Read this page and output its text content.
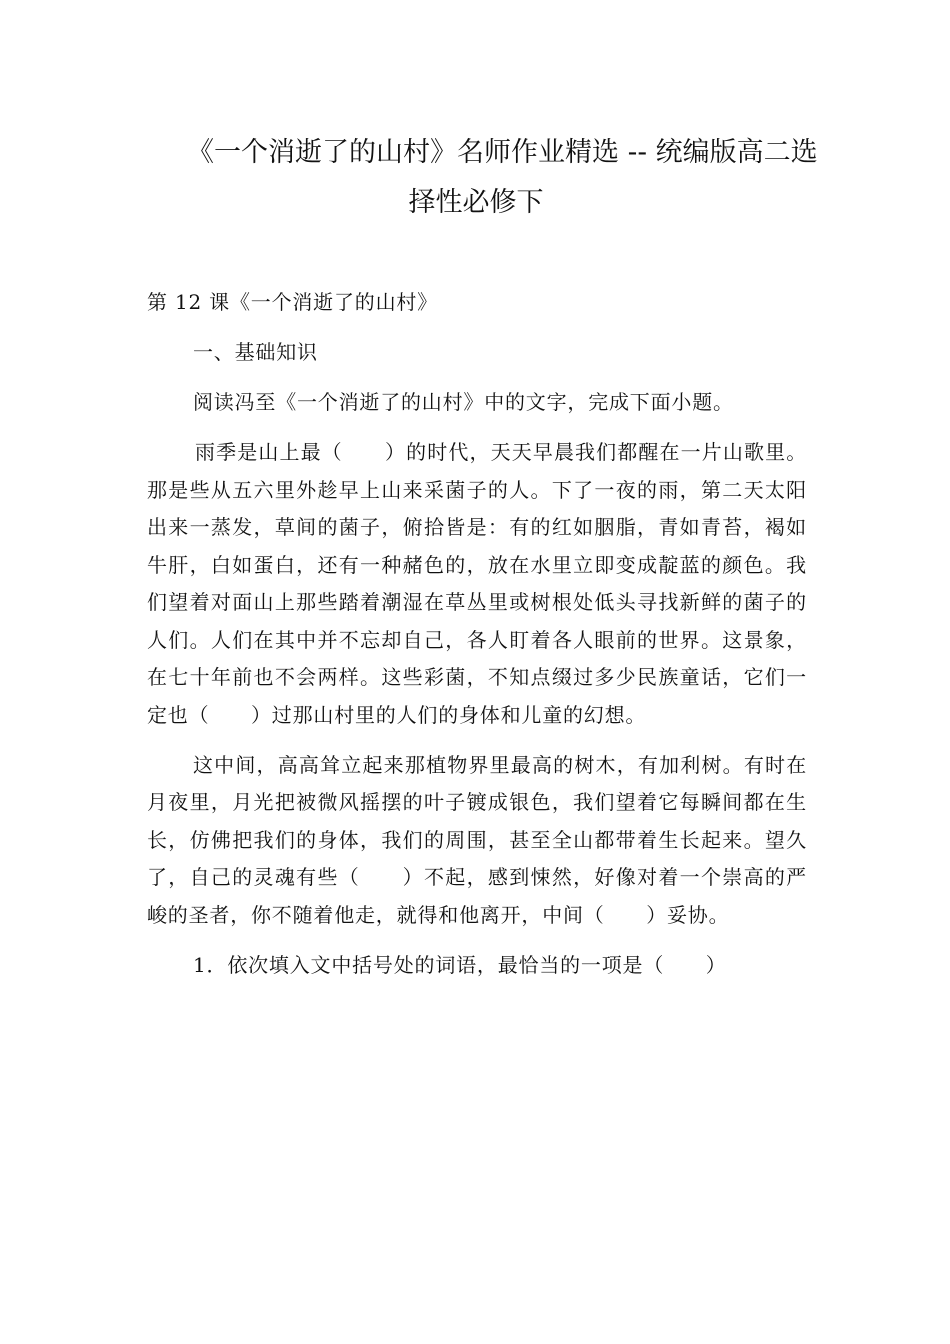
《一个消逝了的山村》名师作业精选 -- 统编版高二选
择性必修下
第 12 课《一个消逝了的山村》
一、基础知识
阅读冯至《一个消逝了的山村》中的文字，完成下面小题。
雨季是山上最（　　）的时代，天天早晨我们都醒在一片山歌里。那是些从五六里外趁早上山来采菌子的人。下了一夜的雨，第二天太阳出来一蒸发，草间的菌子，俯拾皆是：有的红如胭脂，青如青苔，褐如牛肝，白如蛋白，还有一种赭色的，放在水里立即变成靛蓝的颜色。我们望着对面山上那些踏着潮湿在草丛里或树根处低头寻找新鲜的菌子的人们。人们在其中并不忘却自己，各人盯着各人眼前的世界。这景象，在七十年前也不会两样。这些彩菌，不知点缀过多少民族童话，它们一定也（　　）过那山村里的人们的身体和儿童的幻想。
这中间，高高耸立起来那植物界里最高的树木，有加利树。有时在月夜里，月光把被微风摇摆的叶子镀成银色，我们望着它每瞬间都在生长，仿佛把我们的身体，我们的周围，甚至全山都带着生长起来。望久了，自己的灵魂有些（　　）不起，感到悚然，好像对着一个崇高的严峻的圣者，你不随着他走，就得和他离开，中间（　　）妥协。
1．依次填入文中括号处的词语，最恰当的一项是（　　）
